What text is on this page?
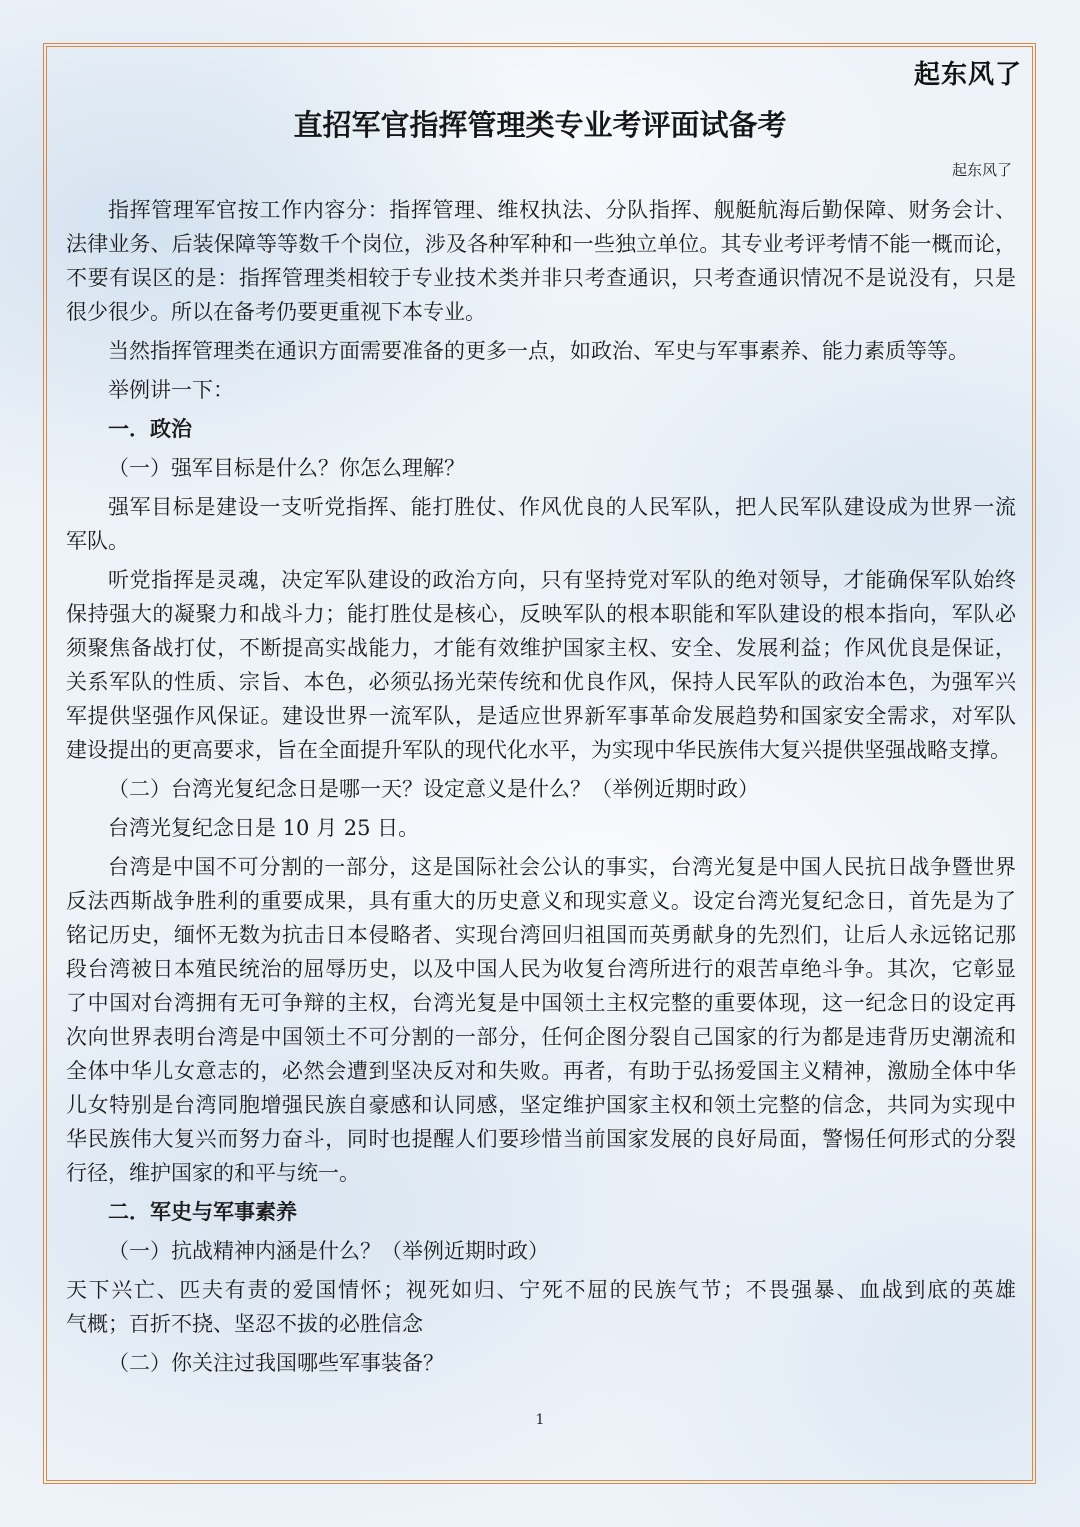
起东风了
直招军官指挥管理类专业考评面试备考
起东风了
指挥管理军官按工作内容分：指挥管理、维权执法、分队指挥、舰艇航海后勤保障、财务会计、
法律业务、后装保障等等数千个岗位，涉及各种军种和一些独立单位。其专业考评考情不能一概而论，
不要有误区的是：指挥管理类相较于专业技术类并非只考查通识，只考查通识情况不是说没有，只是
很少很少。所以在备考仍要更重视下本专业。
当然指挥管理类在通识方面需要准备的更多一点，如政治、军史与军事素养、能力素质等等。
举例讲一下：
一．政治
（一）强军目标是什么？你怎么理解？
强军目标是建设一支听党指挥、能打胜仗、作风优良的人民军队，把人民军队建设成为世界一流
军队。
听党指挥是灵魂，决定军队建设的政治方向，只有坚持党对军队的绝对领导，才能确保军队始终
保持强大的凝聚力和战斗力；能打胜仗是核心，反映军队的根本职能和军队建设的根本指向，军队必
须聚焦备战打仗，不断提高实战能力，才能有效维护国家主权、安全、发展利益；作风优良是保证，
关系军队的性质、宗旨、本色，必须弘扬光荣传统和优良作风，保持人民军队的政治本色，为强军兴
军提供坚强作风保证。建设世界一流军队，是适应世界新军事革命发展趋势和国家安全需求，对军队
建设提出的更高要求，旨在全面提升军队的现代化水平，为实现中华民族伟大复兴提供坚强战略支撑。
（二）台湾光复纪念日是哪一天？设定意义是什么？（举例近期时政）
台湾光复纪念日是 10 月 25 日。
台湾是中国不可分割的一部分，这是国际社会公认的事实，台湾光复是中国人民抗日战争暨世界
反法西斯战争胜利的重要成果，具有重大的历史意义和现实意义。设定台湾光复纪念日，首先是为了
铭记历史，缅怀无数为抗击日本侵略者、实现台湾回归祖国而英勇献身的先烈们，让后人永远铭记那
段台湾被日本殖民统治的屈辱历史，以及中国人民为收复台湾所进行的艰苦卓绝斗争。其次，它彰显
了中国对台湾拥有无可争辩的主权，台湾光复是中国领土主权完整的重要体现，这一纪念日的设定再
次向世界表明台湾是中国领土不可分割的一部分，任何企图分裂自己国家的行为都是违背历史潮流和
全体中华儿女意志的，必然会遭到坚决反对和失败。再者，有助于弘扬爱国主义精神，激励全体中华
儿女特别是台湾同胞增强民族自豪感和认同感，坚定维护国家主权和领土完整的信念，共同为实现中
华民族伟大复兴而努力奋斗，同时也提醒人们要珍惜当前国家发展的良好局面，警惕任何形式的分裂
行径，维护国家的和平与统一。
二．军史与军事素养
（一）抗战精神内涵是什么？（举例近期时政）
天下兴亡、匹夫有责的爱国情怀；视死如归、宁死不屈的民族气节；不畏强暴、血战到底的英雄
气概；百折不挠、坚忍不拔的必胜信念
（二）你关注过我国哪些军事装备？
1
